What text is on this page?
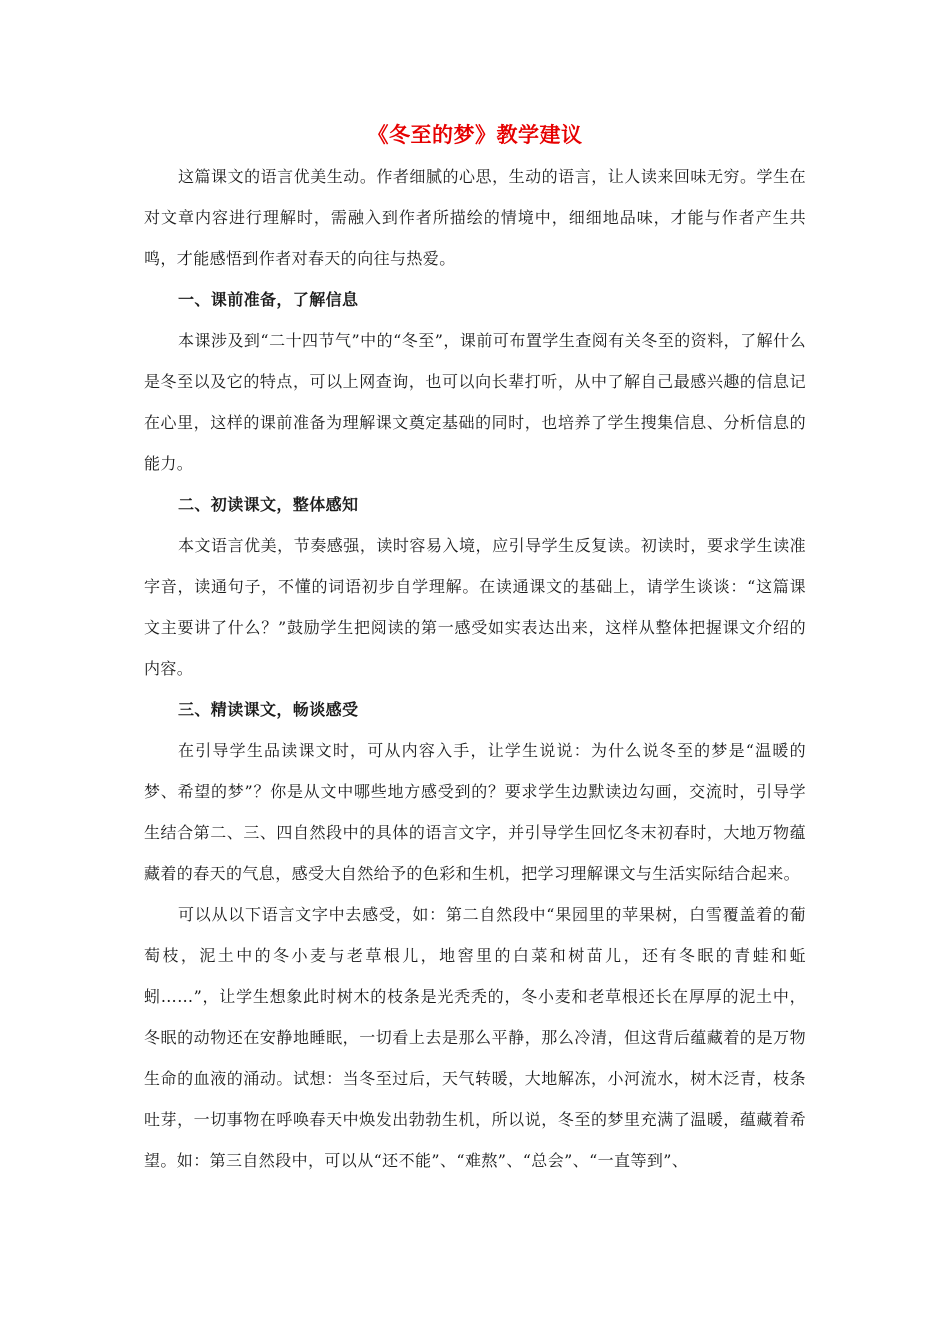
《冬至的梦》教学建议

这篇课文的语言优美生动。作者细腻的心思，生动的语言，让人读来回味无穷。学生在对文章内容进行理解时，需融入到作者所描绘的情境中，细细地品味，才能与作者产生共鸣，才能感悟到作者对春天的向往与热爱。

一、课前准备，了解信息

本课涉及到“二十四节气”中的“冬至”，课前可布置学生查阅有关冬至的资料，了解什么是冬至以及它的特点，可以上网查询，也可以向长辈打听，从中了解自己最感兴趣的信息记在心里，这样的课前准备为理解课文奠定基础的同时，也培养了学生搜集信息、分析信息的能力。

二、初读课文，整体感知

本文语言优美，节奏感强，读时容易入境，应引导学生反复读。初读时，要求学生读准字音，读通句子，不懂的词语初步自学理解。在读通课文的基础上，请学生谈谈：“这篇课文主要讲了什么？”鼓励学生把阅读的第一感受如实表达出来，这样从整体把握课文介绍的内容。

三、精读课文，畅谈感受

在引导学生品读课文时，可从内容入手，让学生说说：为什么说冬至的梦是“温暖的梦、希望的梦”？你是从文中哪些地方感受到的？要求学生边默读边勾画，交流时，引导学生结合第二、三、四自然段中的具体的语言文字，并引导学生回忆冬末初春时，大地万物蕴藏着的春天的气息，感受大自然给予的色彩和生机，把学习理解课文与生活实际结合起来。

可以从以下语言文字中去感受，如：第二自然段中“果园里的苹果树，白雪覆盖着的葡萄枝，泥土中的冬小麦与老草根儿，地窖里的白菜和树苗儿，还有冬眠的青蛙和蚯蚓……”，让学生想象此时树木的枝条是光秃秃的，冬小麦和老草根还长在厚厚的泥土中，冬眠的动物还在安静地睡眠，一切看上去是那么平静，那么冷清，但这背后蕴藏着的是万物生命的血液的涌动。试想：当冬至过后，天气转暖，大地解冻，小河流水，树木泛青，枝条吐芽，一切事物在呼唤春天中焕发出勃勃生机，所以说，冬至的梦里充满了温暖，蕴藏着希望。如：第三自然段中，可以从“还不能”、“难熬”、“总会”、“一直等到”、
